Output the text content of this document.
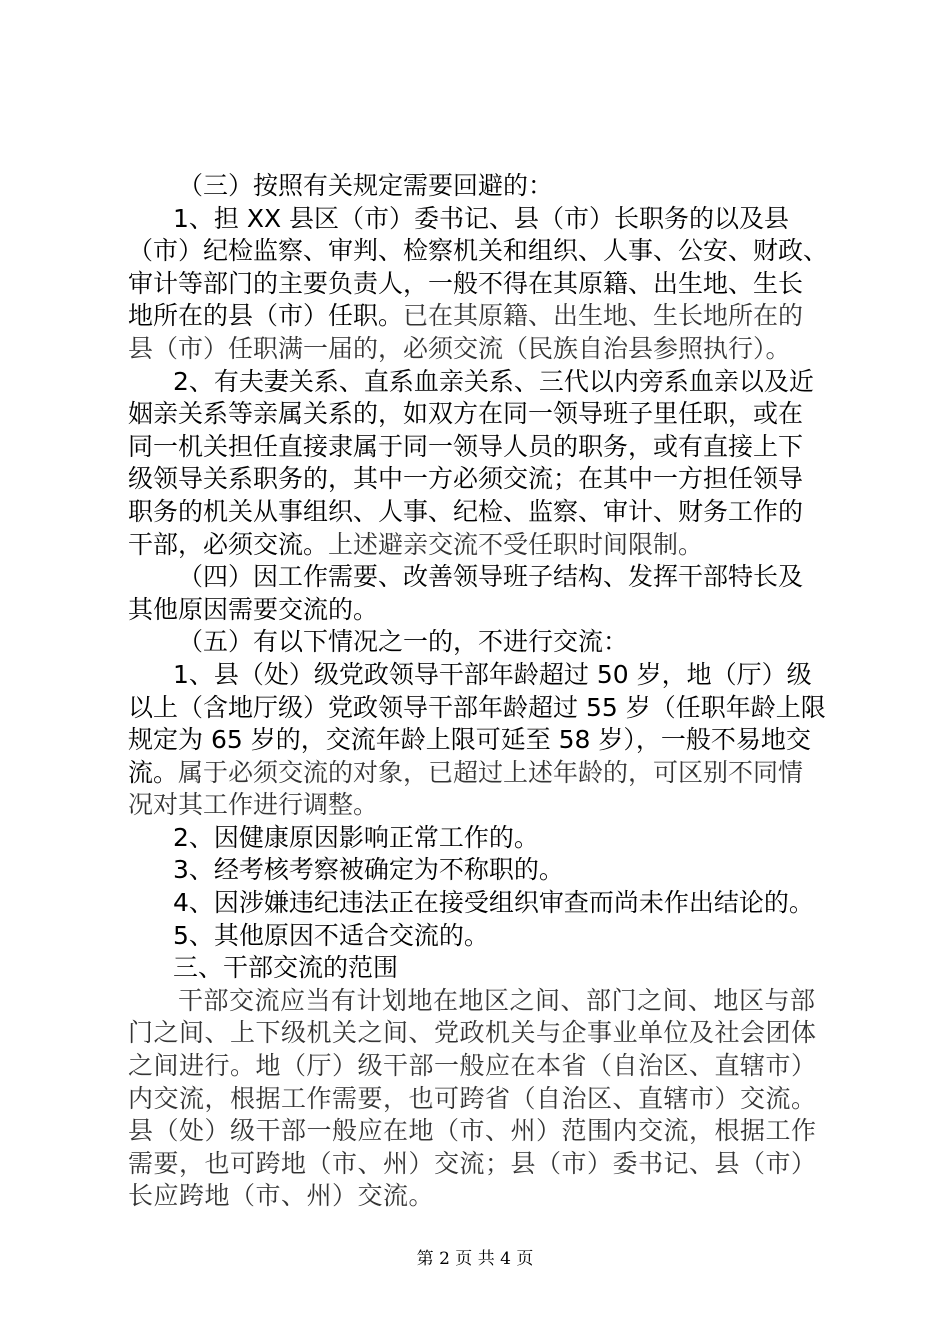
（三）按照有关规定需要回避的：
1、担 XX 县区（市）委书记、县（市）长职务的以及县
（市）纪检监察、审判、检察机关和组织、人事、公安、财政、
审计等部门的主要负责人，一般不得在其原籍、出生地、生长
地所在的县（市）任职。已在其原籍、出生地、生长地所在的
县（市）任职满一届的，必须交流（民族自治县参照执行）。
2、有夫妻关系、直系血亲关系、三代以内旁系血亲以及近
姻亲关系等亲属关系的，如双方在同一领导班子里任职，或在
同一机关担任直接隶属于同一领导人员的职务，或有直接上下
级领导关系职务的，其中一方必须交流；在其中一方担任领导
职务的机关从事组织、人事、纪检、监察、审计、财务工作的
干部，必须交流。上述避亲交流不受任职时间限制。
（四）因工作需要、改善领导班子结构、发挥干部特长及
其他原因需要交流的。
（五）有以下情况之一的，不进行交流：
1、县（处）级党政领导干部年龄超过 50 岁，地（厅）级
以上（含地厅级）党政领导干部年龄超过 55 岁（任职年龄上限
规定为 65 岁的，交流年龄上限可延至 58 岁），一般不易地交
流。属于必须交流的对象，已超过上述年龄的，可区别不同情
况对其工作进行调整。
2、因健康原因影响正常工作的。
3、经考核考察被确定为不称职的。
4、因涉嫌违纪违法正在接受组织审查而尚未作出结论的。
5、其他原因不适合交流的。
三、干部交流的范围
干部交流应当有计划地在地区之间、部门之间、地区与部
门之间、上下级机关之间、党政机关与企事业单位及社会团体
之间进行。地（厅）级干部一般应在本省（自治区、直辖市）
内交流，根据工作需要，也可跨省（自治区、直辖市）交流。
县（处）级干部一般应在地（市、州）范围内交流，根据工作
需要，也可跨地（市、州）交流；县（市）委书记、县（市）
长应跨地（市、州）交流。
第 2 页 共 4 页
